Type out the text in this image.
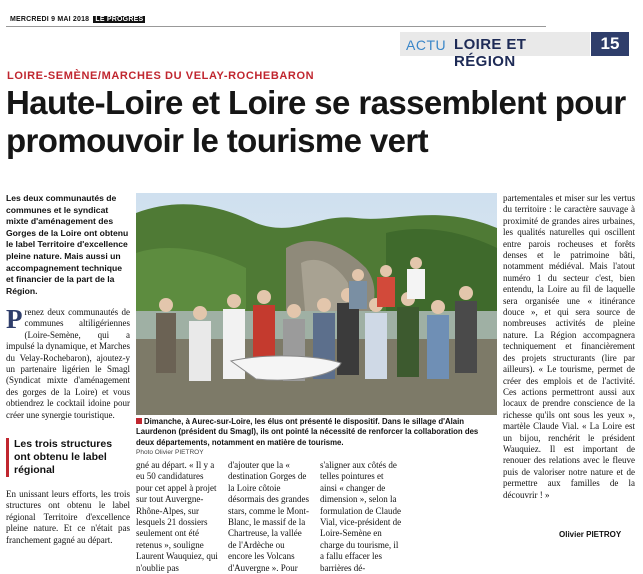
MERCREDI 9 MAI 2018 LE PROGRÈS
ACTU LOIRE ET RÉGION
15
LOIRE-SEMÈNE/MARCHES DU VELAY-ROCHEBARON
Haute-Loire et Loire se rassemblent pour promouvoir le tourisme vert

Les deux communautés de communes et le syndicat mixte d'aménagement des Gorges de la Loire ont obtenu le label Territoire d'excellence pleine nature. Mais aussi un accompagnement technique et financier de la part de la Région.

Prenez deux communautés de communes altiligériennes (Loire-Semène, qui a impulsé la dynamique, et Marches du Velay-Rochebaron), ajoutez-y un partenaire ligérien le Smagl (Syndicat mixte d'aménagement des gorges de la Loire) et vous obtiendrez le cocktail idoine pour créer une synergie touristique.
Les trois structures ont obtenu le label régional

En unissant leurs efforts, les trois structures ont obtenu le label régional Territoire d'excellence pleine nature. Et ce n'était pas franchement gagné au départ.

Dimanche, à Aurec-sur-Loire, les élus ont présenté le dispositif. Dans le sillage d'Alain Laurdenon (président du Smagl), ils ont pointé la nécessité de renforcer la collaboration des deux départements, notamment en matière de tourisme.
Photo Olivier PIETROY

gné au départ. « Il y a eu 50 candidatures pour cet appel à projet sur tout Auvergne-Rhône-Alpes, sur lesquels 21 dossiers seulement ont été retenus », souligne Laurent Wauquiez, qui n'oublie pas

d'ajouter que la « destination Gorges de la Loire côtoie désormais des grandes stars, comme le Mont-Blanc, le massif de la Chartreuse, la vallée de l'Ardèche ou encore les Volcans d'Auvergne ». Pour

s'aligner aux côtés de telles pointures et ainsi « changer de dimension », selon la formulation de Claude Vial, vice-président de Loire-Semène en charge du tourisme, il a fallu effacer les barrières dé-

partementales et miser sur les vertus du territoire : le caractère sauvage à proximité de grandes aires urbaines, les qualités naturelles qui oscillent entre parois rocheuses et forêts denses et le patrimoine bâti, notamment médiéval. Mais l'atout numéro 1 du secteur c'est, bien entendu, la Loire au fil de laquelle sera organisée une « itinérance douce », et qui sera source de nombreuses activités de pleine nature. La Région accompagnera techniquement et financièrement des projets structurants (lire par ailleurs). « Le tourisme, permet de créer des emplois et de l'activité. Ces actions permettront aussi aux locaux de prendre conscience de la richesse qu'ils ont sous les yeux », martèle Claude Vial. « La Loire est un bijou, renchérit le président Wauquiez. Il est important de renouer des relations avec le fleuve puis de valoriser notre nature et de permettre aux familles de la découvrir ! »

Olivier PIETROY
